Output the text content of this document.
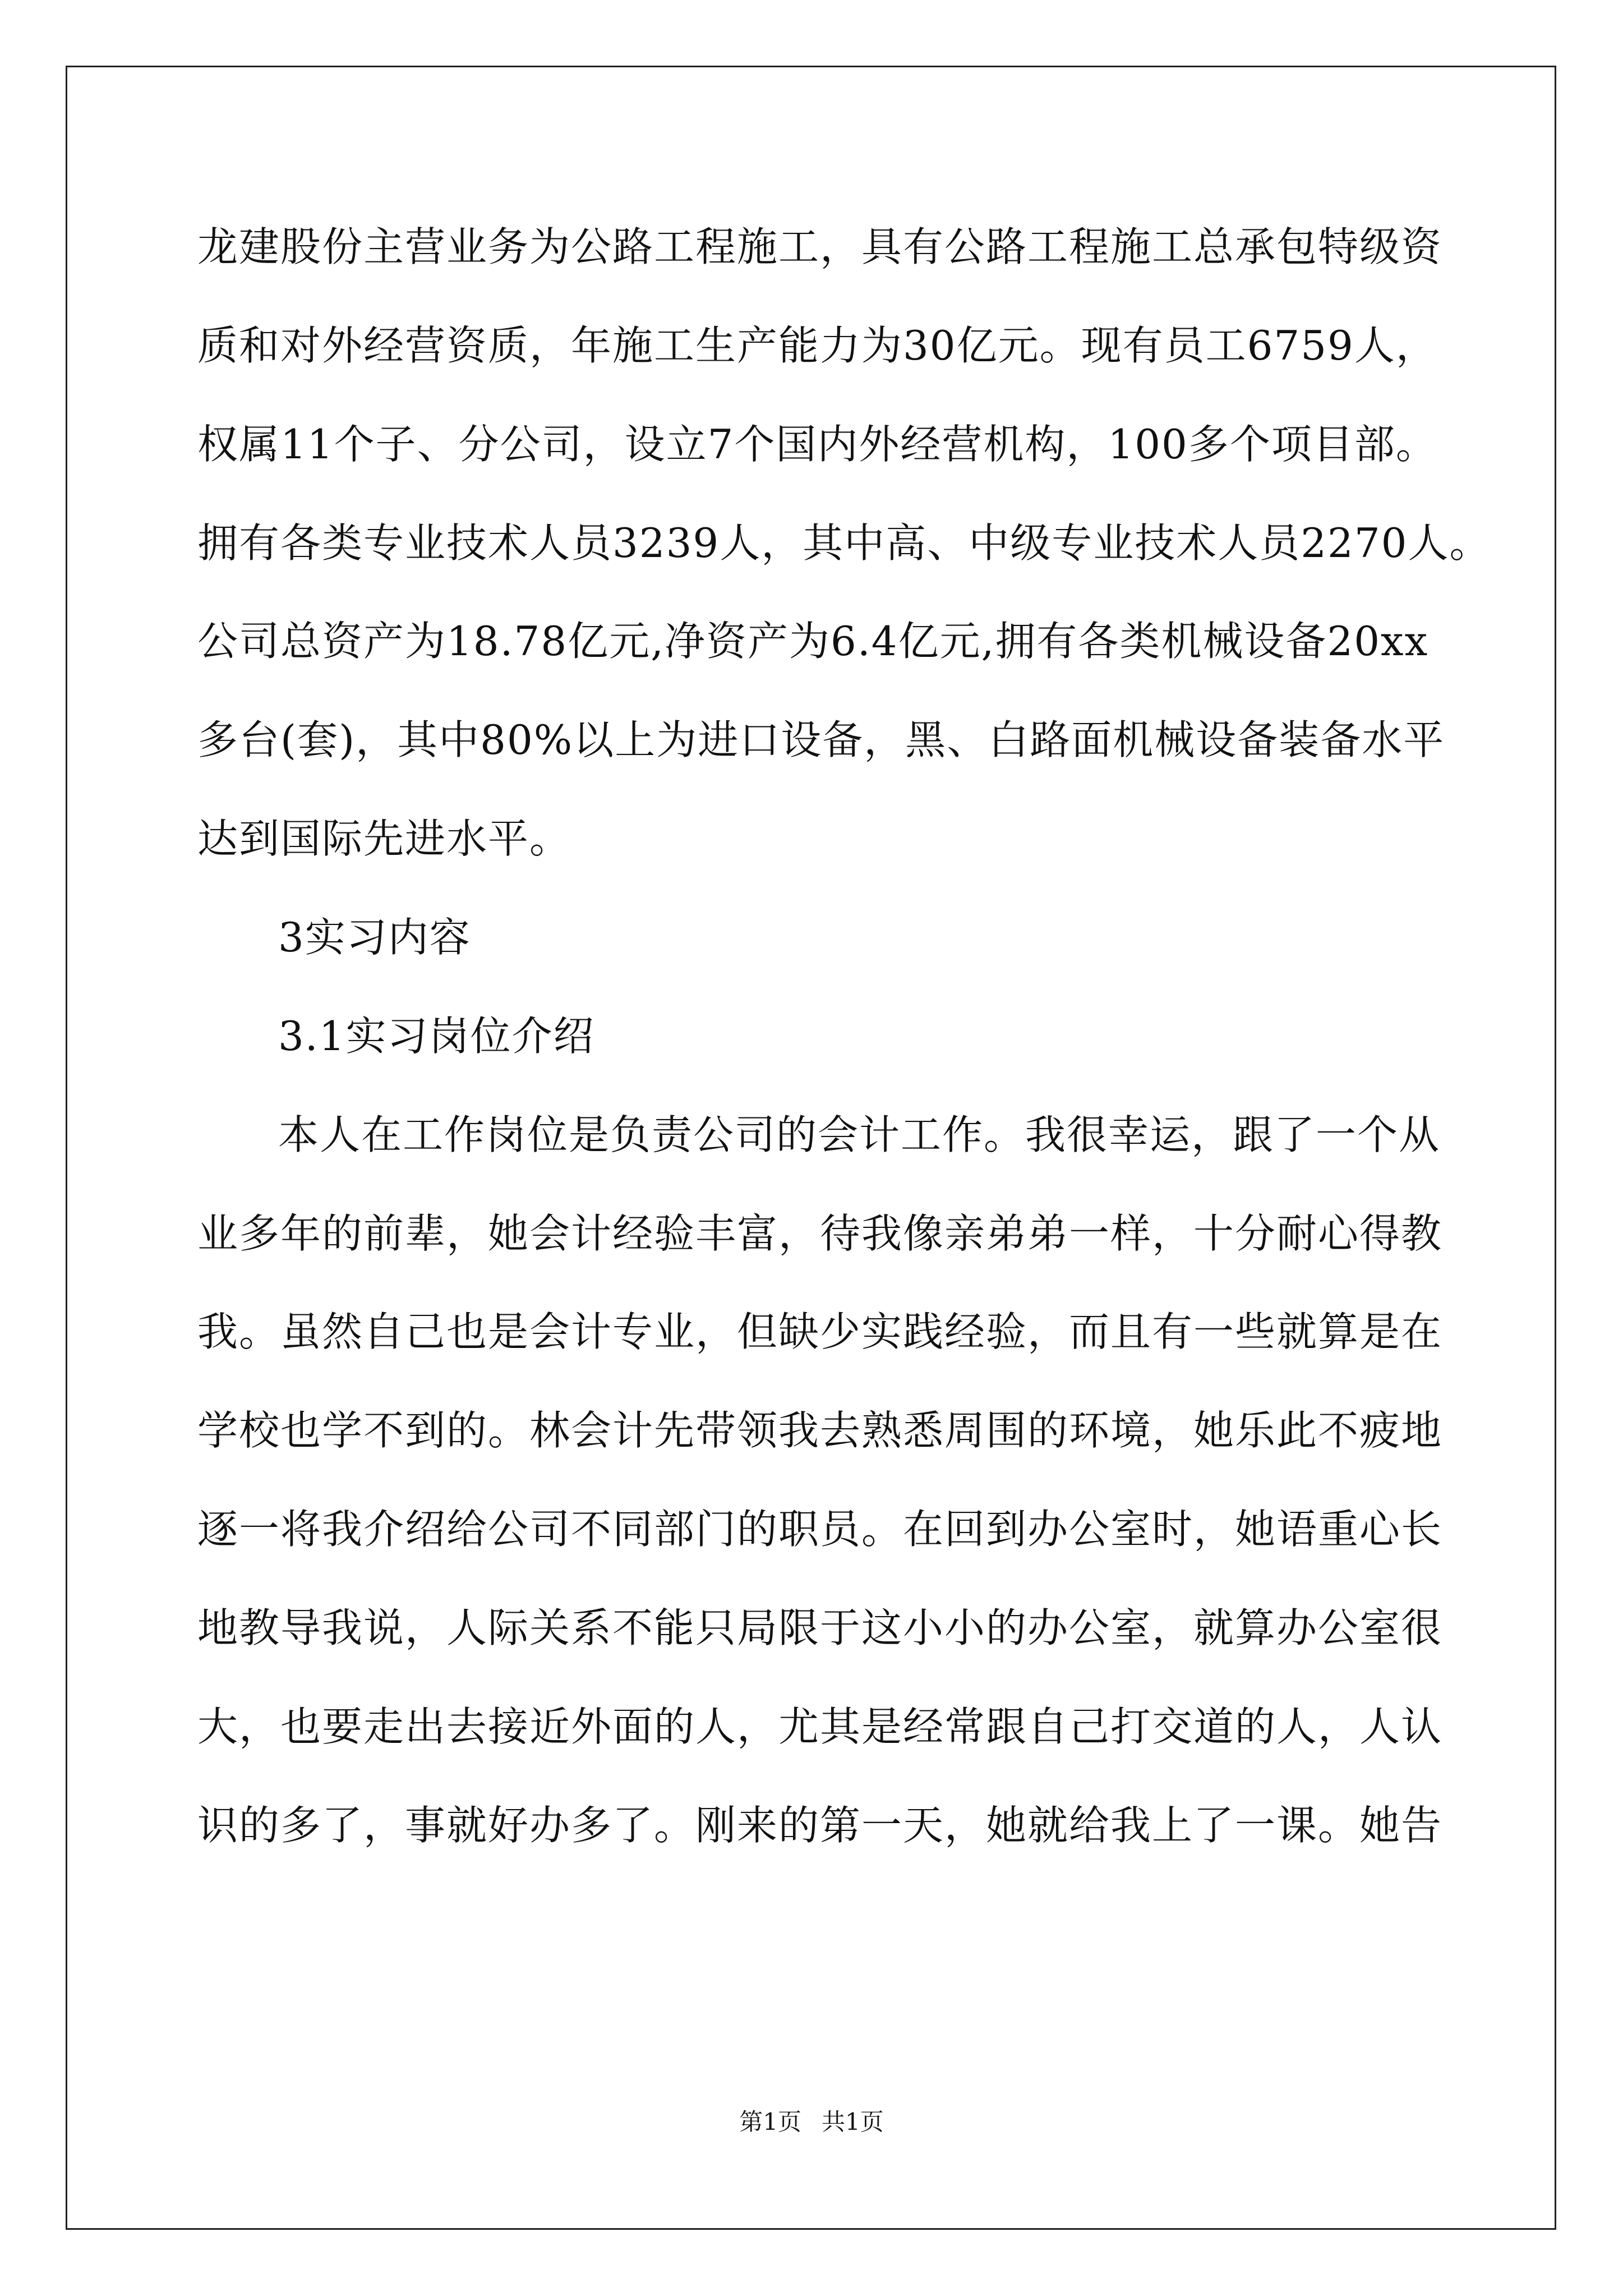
龙建股份主营业务为公路工程施工，具有公路工程施工总承包特级资
质和对外经营资质，年施工生产能力为30亿元。现有员工6759人，
权属11个子、分公司，设立7个国内外经营机构，100多个项目部。
拥有各类专业技术人员3239人，其中高、中级专业技术人员2270人。
公司总资产为18.78亿元,净资产为6.4亿元,拥有各类机械设备20xx
多台(套)，其中80%以上为进口设备，黑、白路面机械设备装备水平
达到国际先进水平。
3实习内容
3.1实习岗位介绍
本人在工作岗位是负责公司的会计工作。我很幸运，跟了一个从
业多年的前辈，她会计经验丰富，待我像亲弟弟一样，十分耐心得教
我。虽然自己也是会计专业，但缺少实践经验，而且有一些就算是在
学校也学不到的。林会计先带领我去熟悉周围的环境，她乐此不疲地
逐一将我介绍给公司不同部门的职员。在回到办公室时，她语重心长
地教导我说，人际关系不能只局限于这小小的办公室，就算办公室很
大，也要走出去接近外面的人，尤其是经常跟自己打交道的人，人认
识的多了，事就好办多了。刚来的第一天，她就给我上了一课。她告
第1页 共1页
